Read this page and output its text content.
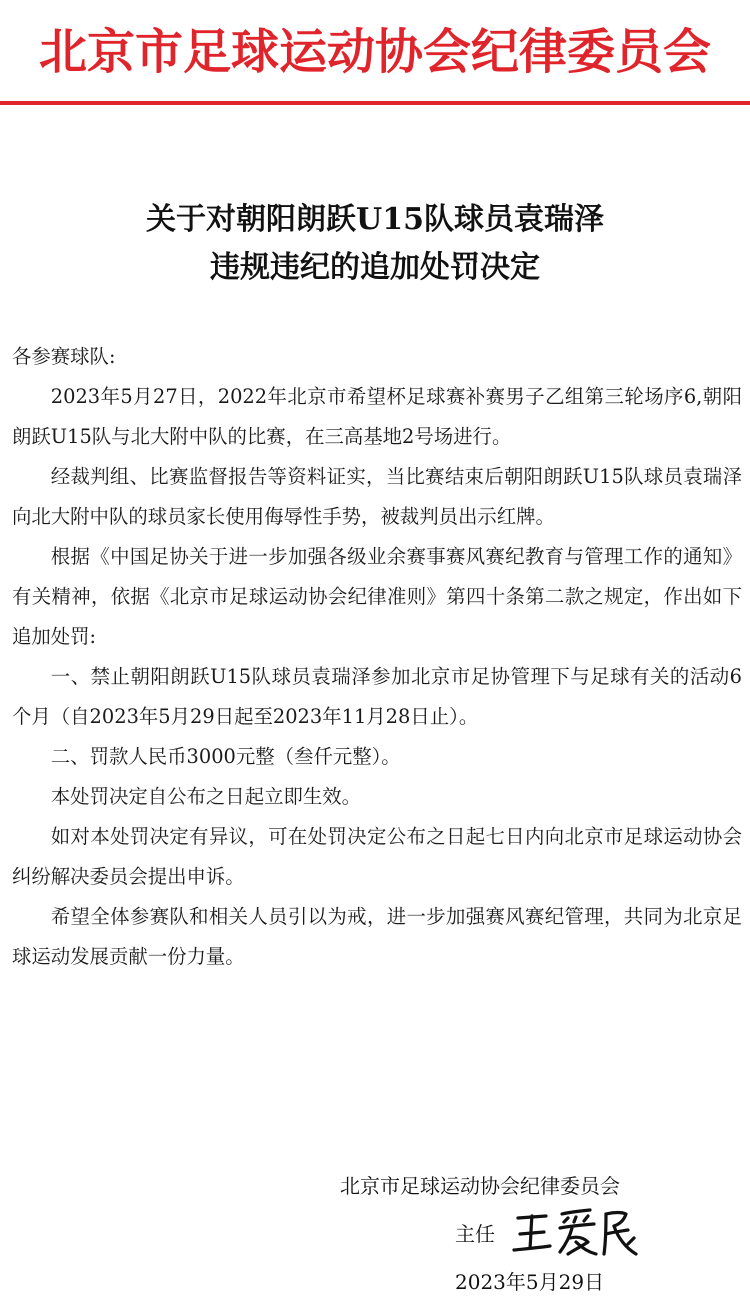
北京市足球运动协会纪律委员会
关于对朝阳朗跃U15队球员袁瑞泽
违规违纪的追加处罚决定

各参赛球队:

2023年5月27日，2022年北京市希望杯足球赛补赛男子乙组第三轮场序6,朝阳朗跃U15队与北大附中队的比赛，在三高基地2号场进行。

经裁判组、比赛监督报告等资料证实，当比赛结束后朝阳朗跃U15队球员袁瑞泽向北大附中队的球员家长使用侮辱性手势，被裁判员出示红牌。

根据《中国足协关于进一步加强各级业余赛事赛风赛纪教育与管理工作的通知》有关精神，依据《北京市足球运动协会纪律准则》第四十条第二款之规定，作出如下追加处罚:

一、禁止朝阳朗跃U15队球员袁瑞泽参加北京市足协管理下与足球有关的活动6个月（自2023年5月29日起至2023年11月28日止）。

二、罚款人民币3000元整（叁仟元整）。

本处罚决定自公布之日起立即生效。

如对本处罚决定有异议，可在处罚决定公布之日起七日内向北京市足球运动协会纠纷解决委员会提出申诉。

希望全体参赛队和相关人员引以为戒，进一步加强赛风赛纪管理，共同为北京足球运动发展贡献一份力量。

北京市足球运动协会纪律委员会
主任
2023年5月29日
